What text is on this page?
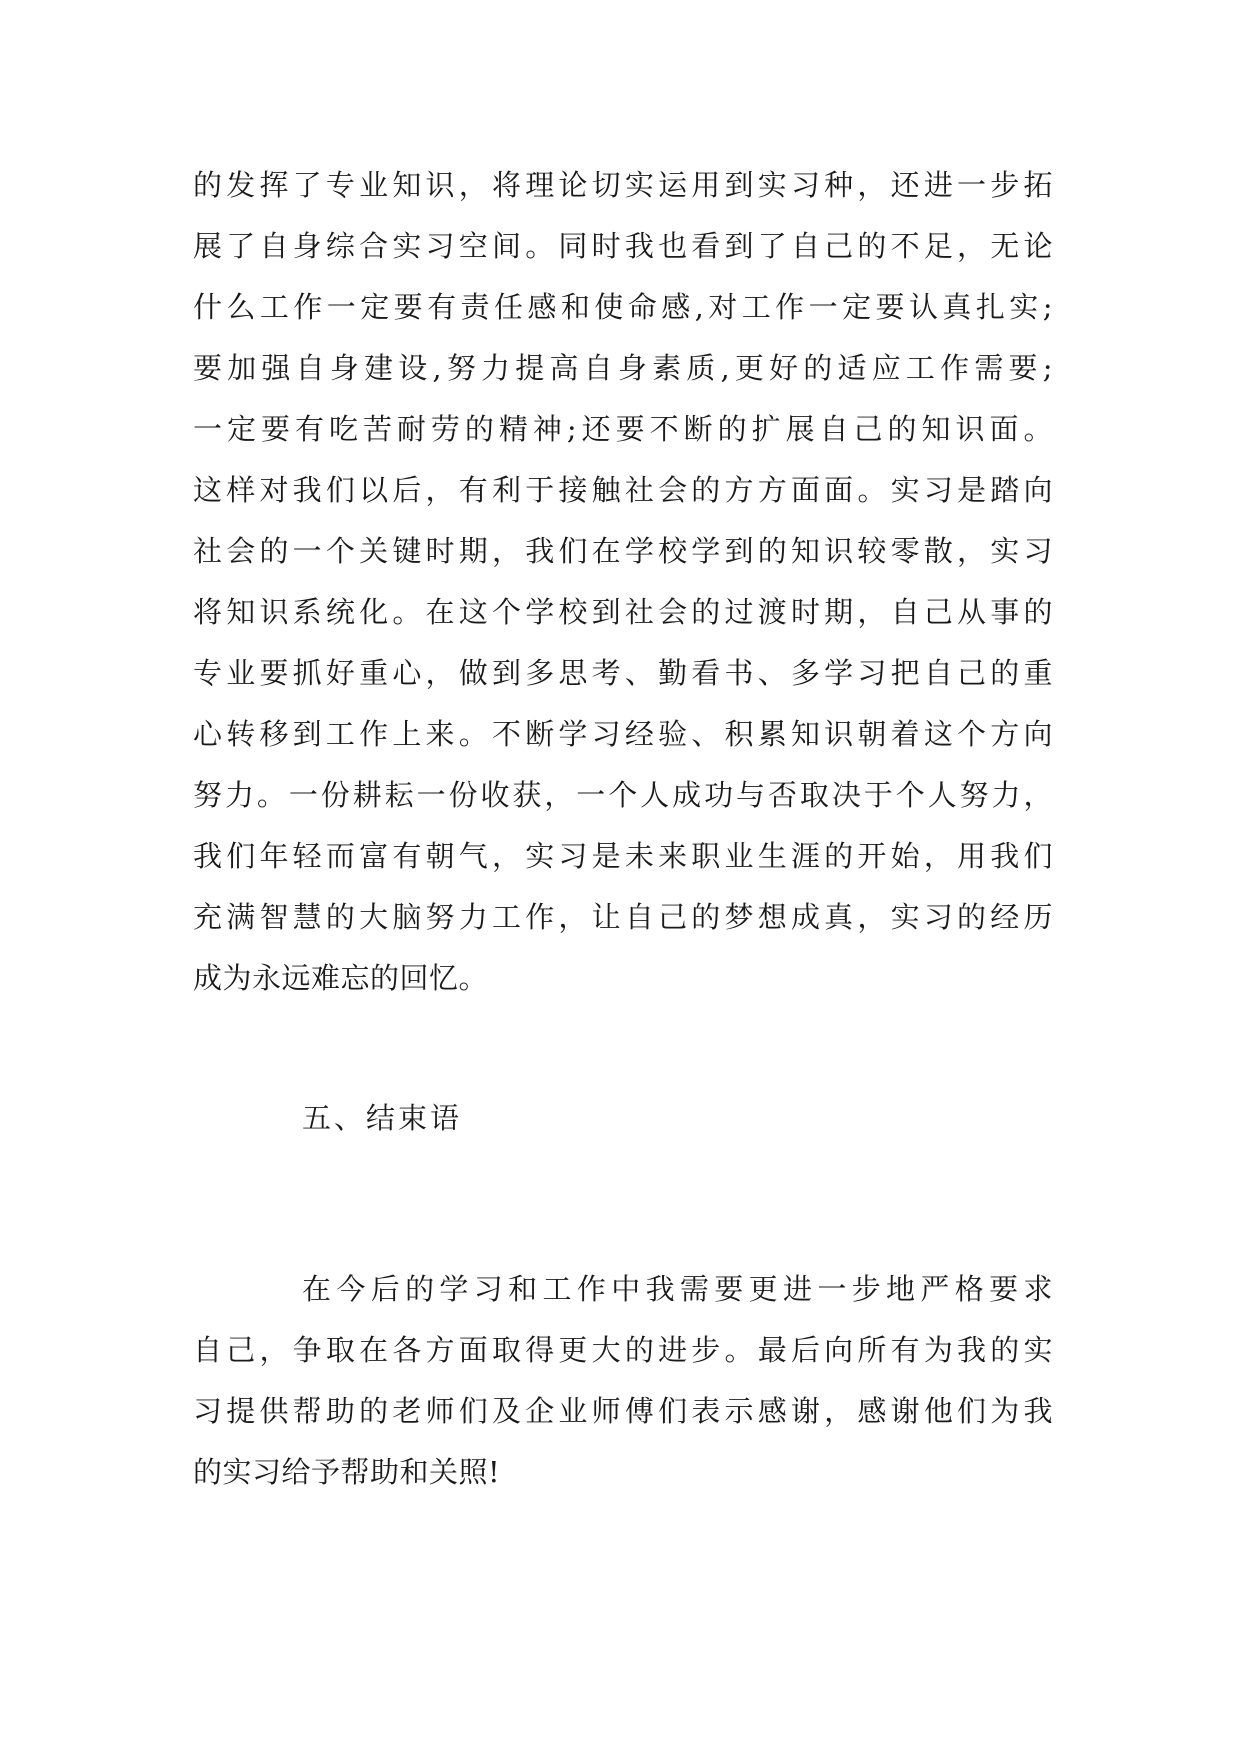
的发挥了专业知识，将理论切实运用到实习种，还进一步拓
展了自身综合实习空间。同时我也看到了自己的不足，无论
什么工作一定要有责任感和使命感,对工作一定要认真扎实;
要加强自身建设,努力提高自身素质,更好的适应工作需要;
一定要有吃苦耐劳的精神;还要不断的扩展自己的知识面。
这样对我们以后，有利于接触社会的方方面面。实习是踏向
社会的一个关键时期，我们在学校学到的知识较零散，实习
将知识系统化。在这个学校到社会的过渡时期，自己从事的
专业要抓好重心，做到多思考、勤看书、多学习把自己的重
心转移到工作上来。不断学习经验、积累知识朝着这个方向
努力。一份耕耘一份收获，一个人成功与否取决于个人努力，
我们年轻而富有朝气，实习是未来职业生涯的开始，用我们
充满智慧的大脑努力工作，让自己的梦想成真，实习的经历
成为永远难忘的回忆。
五、结束语
在今后的学习和工作中我需要更进一步地严格要求
自己，争取在各方面取得更大的进步。最后向所有为我的实
习提供帮助的老师们及企业师傅们表示感谢，感谢他们为我
的实习给予帮助和关照!
